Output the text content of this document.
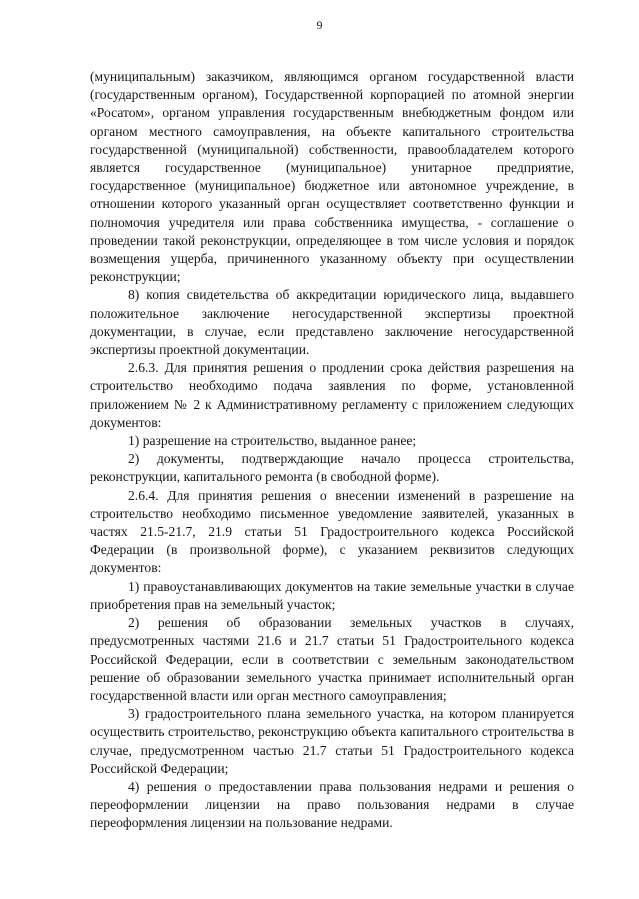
9

(муниципальным) заказчиком, являющимся органом государственной власти (государственным органом), Государственной корпорацией по атомной энергии «Росатом», органом управления государственным внебюджетным фондом или органом местного самоуправления, на объекте капитального строительства государственной (муниципальной) собственности, правообладателем которого является государственное (муниципальное) унитарное предприятие, государственное (муниципальное) бюджетное или автономное учреждение, в отношении которого указанный орган осуществляет соответственно функции и полномочия учредителя или права собственника имущества, - соглашение о проведении такой реконструкции, определяющее в том числе условия и порядок возмещения ущерба, причиненного указанному объекту при осуществлении реконструкции;

8) копия свидетельства об аккредитации юридического лица, выдавшего положительное заключение негосударственной экспертизы проектной документации, в случае, если представлено заключение негосударственной экспертизы проектной документации.

2.6.3. Для принятия решения о продлении срока действия разрешения на строительство необходимо подача заявления по форме, установленной приложением № 2 к Административному регламенту с приложением следующих документов:

1) разрешение на строительство, выданное ранее;

2) документы, подтверждающие начало процесса строительства, реконструкции, капитального ремонта (в свободной форме).

2.6.4. Для принятия решения о внесении изменений в разрешение на строительство необходимо письменное уведомление заявителей, указанных в частях 21.5-21.7, 21.9 статьи 51 Градостроительного кодекса Российской Федерации (в произвольной форме), с указанием реквизитов следующих документов:

1) правоустанавливающих документов на такие земельные участки в случае приобретения прав на земельный участок;

2) решения об образовании земельных участков в случаях, предусмотренных частями 21.6 и 21.7 статьи 51 Градостроительного кодекса Российской Федерации, если в соответствии с земельным законодательством решение об образовании земельного участка принимает исполнительный орган государственной власти или орган местного самоуправления;

3) градостроительного плана земельного участка, на котором планируется осуществить строительство, реконструкцию объекта капитального строительства в случае, предусмотренном частью 21.7 статьи 51 Градостроительного кодекса Российской Федерации;

4) решения о предоставлении права пользования недрами и решения о переоформлении лицензии на право пользования недрами в случае переоформления лицензии на пользование недрами.
